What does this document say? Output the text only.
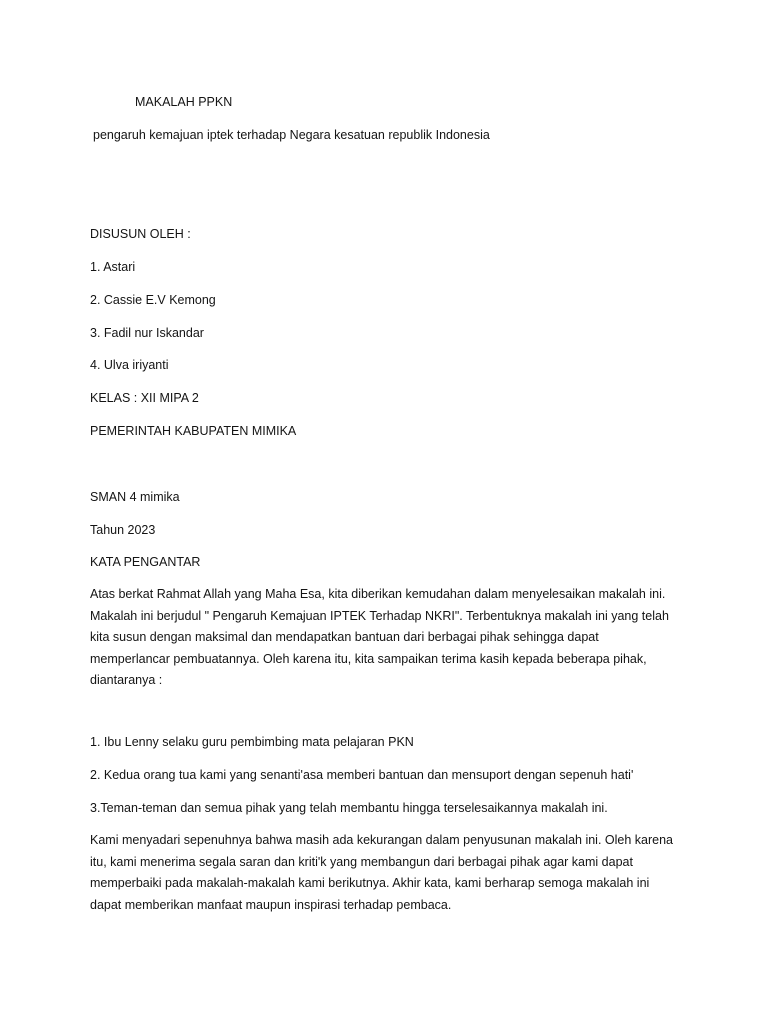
MAKALAH PPKN

pengaruh kemajuan iptek terhadap Negara kesatuan republik Indonesia

DISUSUN OLEH :

1. Astari

2. Cassie E.V Kemong

3. Fadil nur Iskandar

4. Ulva iriyanti

KELAS : XII MIPA 2

PEMERINTAH KABUPATEN MIMIKA

SMAN 4 mimika

Tahun 2023

KATA PENGANTAR

Atas berkat Rahmat Allah yang Maha Esa, kita diberikan kemudahan dalam menyelesaikan makalah ini.
Makalah ini berjudul " Pengaruh Kemajuan IPTEK Terhadap NKRI". Terbentuknya makalah ini yang telah
kita susun dengan maksimal dan mendapatkan bantuan dari berbagai pihak sehingga dapat
memperlancar pembuatannya. Oleh karena itu, kita sampaikan terima kasih kepada beberapa pihak,
diantaranya :

1. Ibu Lenny selaku guru pembimbing mata pelajaran PKN

2. Kedua orang tua kami yang senanti'asa memberi bantuan dan mensuport dengan sepenuh hati'

3.Teman-teman dan semua pihak yang telah membantu hingga terselesaikannya makalah ini.

Kami menyadari sepenuhnya bahwa masih ada kekurangan dalam penyusunan makalah ini. Oleh karena
itu, kami menerima segala saran dan kriti'k yang membangun dari berbagai pihak agar kami dapat
memperbaiki pada makalah-makalah kami berikutnya. Akhir kata, kami berharap semoga makalah ini
dapat memberikan manfaat maupun inspirasi terhadap pembaca.
